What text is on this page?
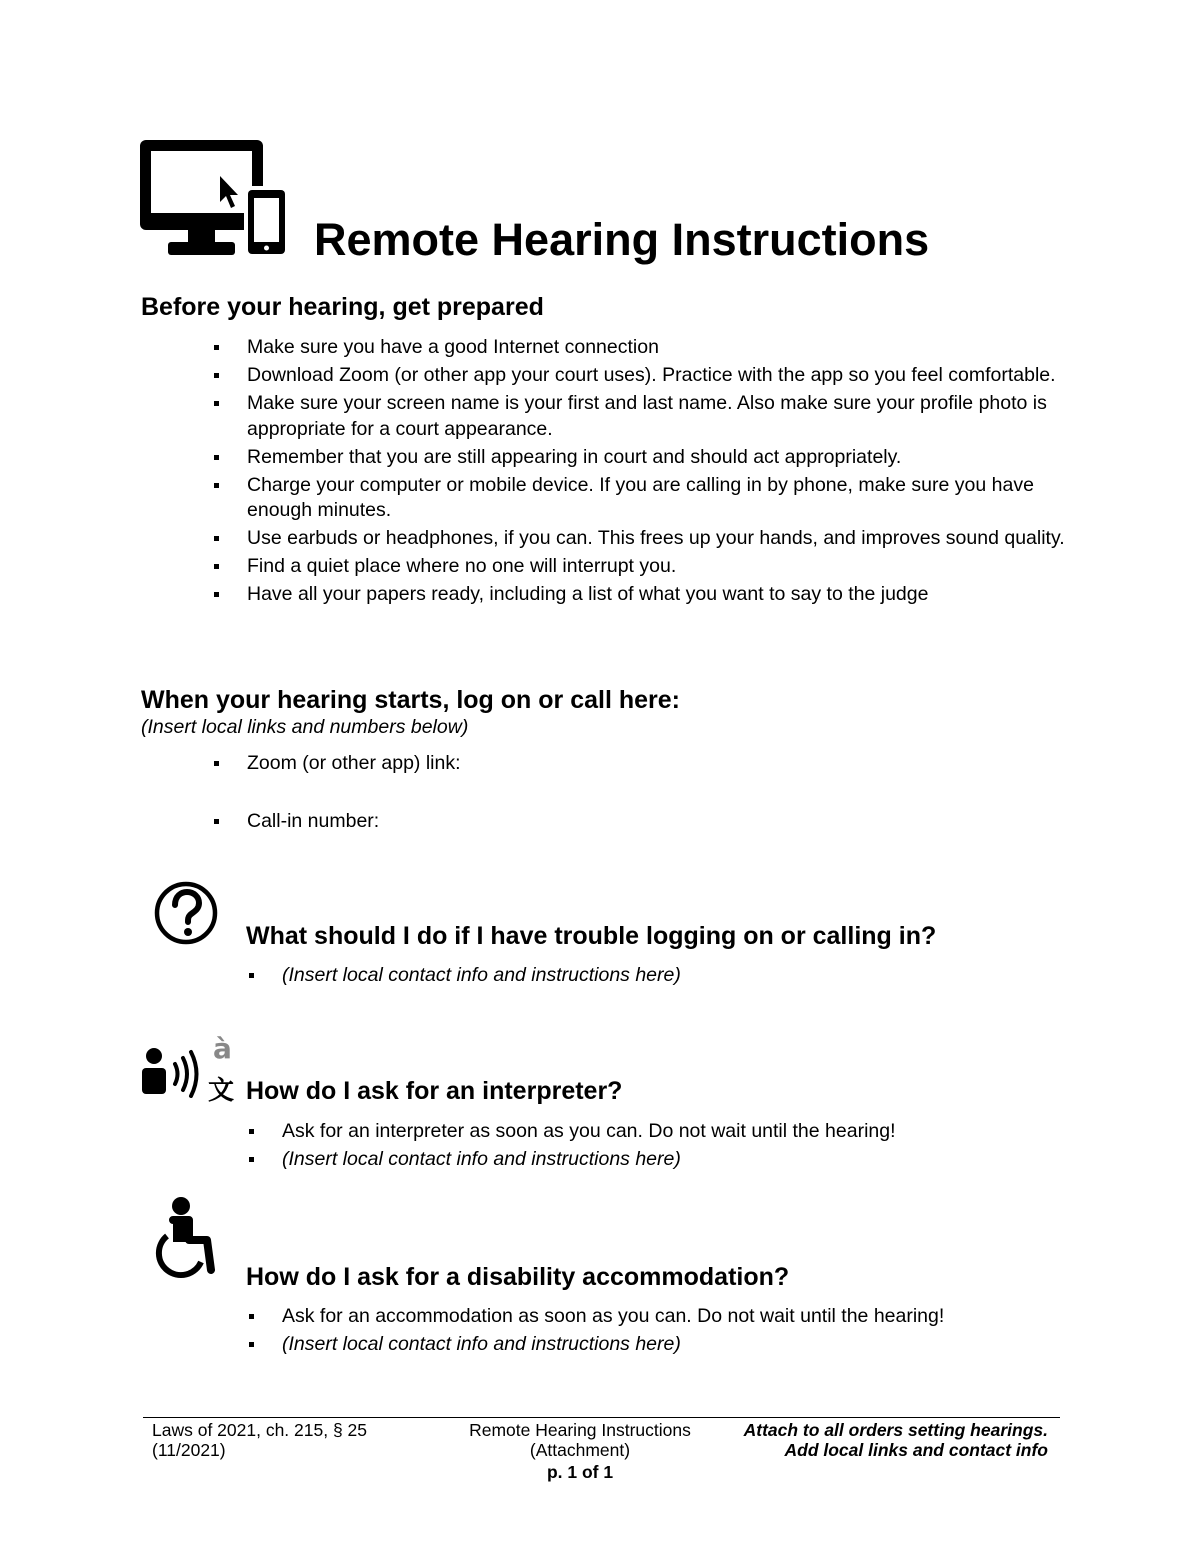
Remote Hearing Instructions
Before your hearing, get prepared
Make sure you have a good Internet connection
Download Zoom (or other app your court uses). Practice with the app so you feel comfortable.
Make sure your screen name is your first and last name. Also make sure your profile photo is appropriate for a court appearance.
Remember that you are still appearing in court and should act appropriately.
Charge your computer or mobile device. If you are calling in by phone, make sure you have enough minutes.
Use earbuds or headphones, if you can. This frees up your hands, and improves sound quality.
Find a quiet place where no one will interrupt you.
Have all your papers ready, including a list of what you want to say to the judge
When your hearing starts, log on or call here:
(Insert local links and numbers below)
Zoom (or other app) link:
Call-in number:
What should I do if I have trouble logging on or calling in?
(Insert local contact info and instructions here)
à
文 How do I ask for an interpreter?
Ask for an interpreter as soon as you can. Do not wait until the hearing!
(Insert local contact info and instructions here)
How do I ask for a disability accommodation?
Ask for an accommodation as soon as you can. Do not wait until the hearing!
(Insert local contact info and instructions here)
Laws of 2021, ch. 215, § 25
(11/2021)
Remote Hearing Instructions
(Attachment)
p. 1 of 1
Attach to all orders setting hearings.
Add local links and contact info
